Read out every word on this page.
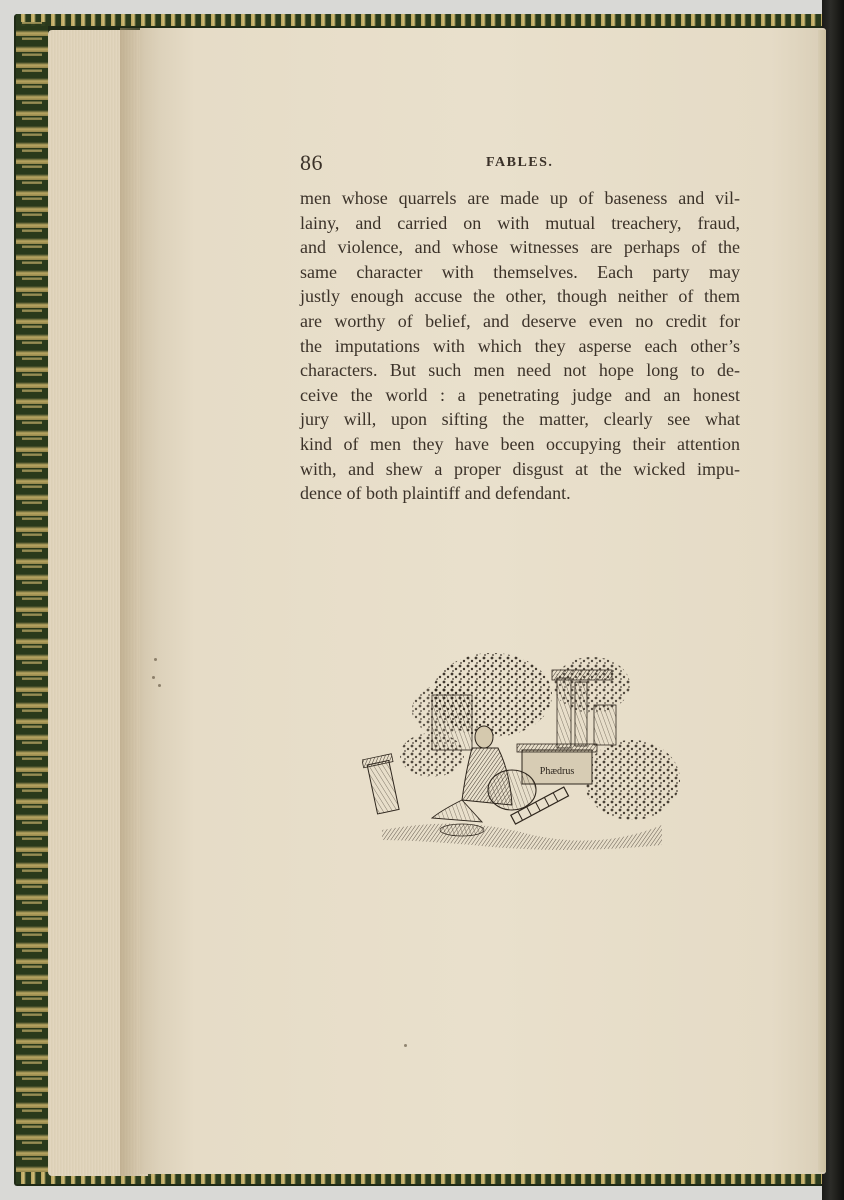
86	FABLES.
men whose quarrels are made up of baseness and vil-
lainy, and carried on with mutual treachery, fraud,
and violence, and whose witnesses are perhaps of the
same character with themselves. Each party may
justly enough accuse the other, though neither of them
are worthy of belief, and deserve even no credit for
the imputations with which they asperse each other’s
characters. But such men need not hope long to de-
ceive the world : a penetrating judge and an honest
jury will, upon sifting the matter, clearly see what
kind of men they have been occupying their attention
with, and shew a proper disgust at the wicked impu-
dence of both plaintiff and defendant.
Phædrus
